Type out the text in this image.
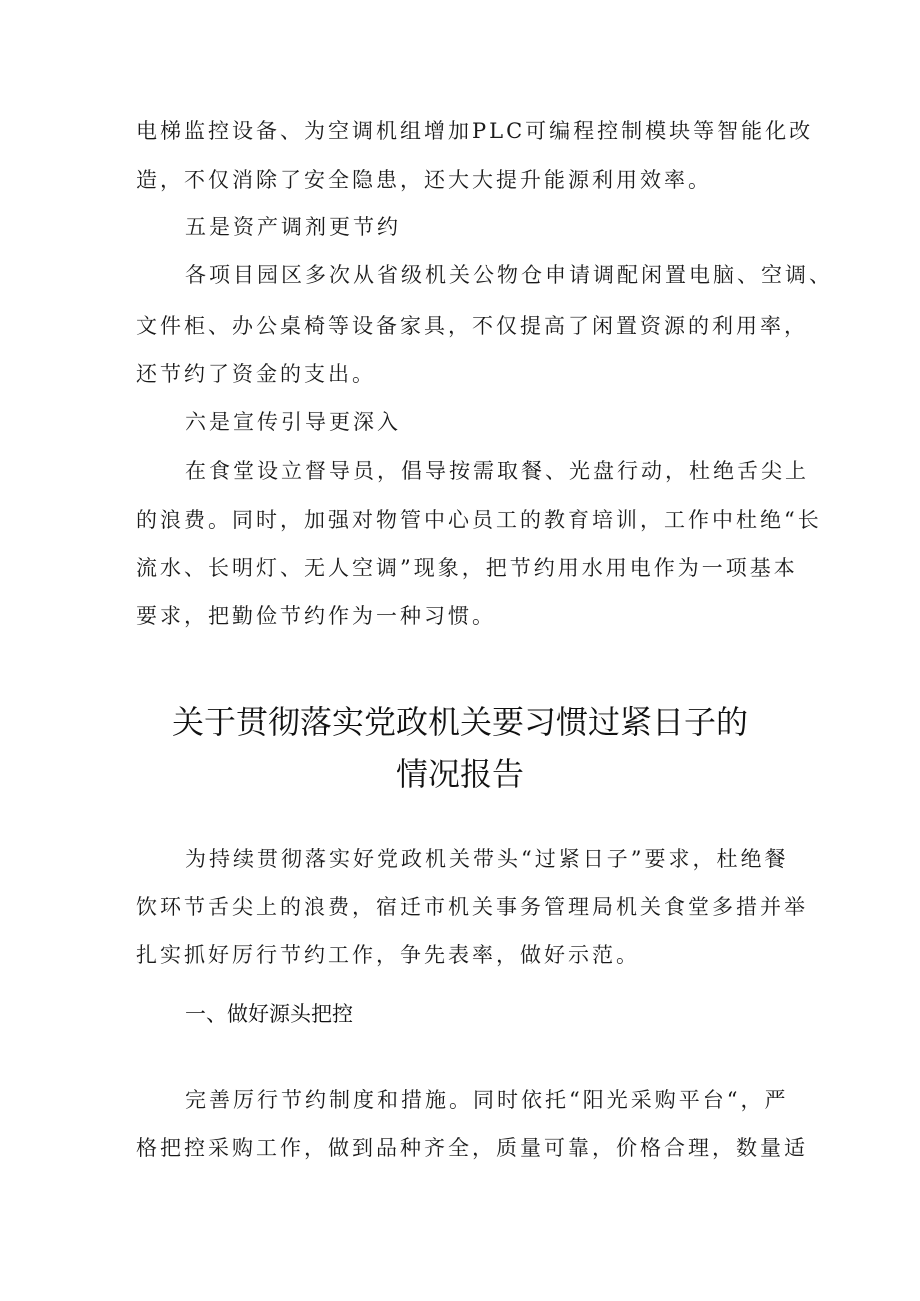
电梯监控设备、为空调机组增加PLC可编程控制模块等智能化改
造，不仅消除了安全隐患，还大大提升能源利用效率。
五是资产调剂更节约
各项目园区多次从省级机关公物仓申请调配闲置电脑、空调、
文件柜、办公桌椅等设备家具，不仅提高了闲置资源的利用率，
还节约了资金的支出。
六是宣传引导更深入
在食堂设立督导员，倡导按需取餐、光盘行动，杜绝舌尖上
的浪费。同时，加强对物管中心员工的教育培训，工作中杜绝“长
流水、长明灯、无人空调”现象，把节约用水用电作为一项基本
要求，把勤俭节约作为一种习惯。
关于贯彻落实党政机关要习惯过紧日子的
情况报告
为持续贯彻落实好党政机关带头“过紧日子”要求，杜绝餐
饮环节舌尖上的浪费，宿迁市机关事务管理局机关食堂多措并举
扎实抓好厉行节约工作，争先表率，做好示范。
一、做好源头把控
完善厉行节约制度和措施。同时依托“阳光采购平台“，严
格把控采购工作，做到品种齐全，质量可靠，价格合理，数量适
